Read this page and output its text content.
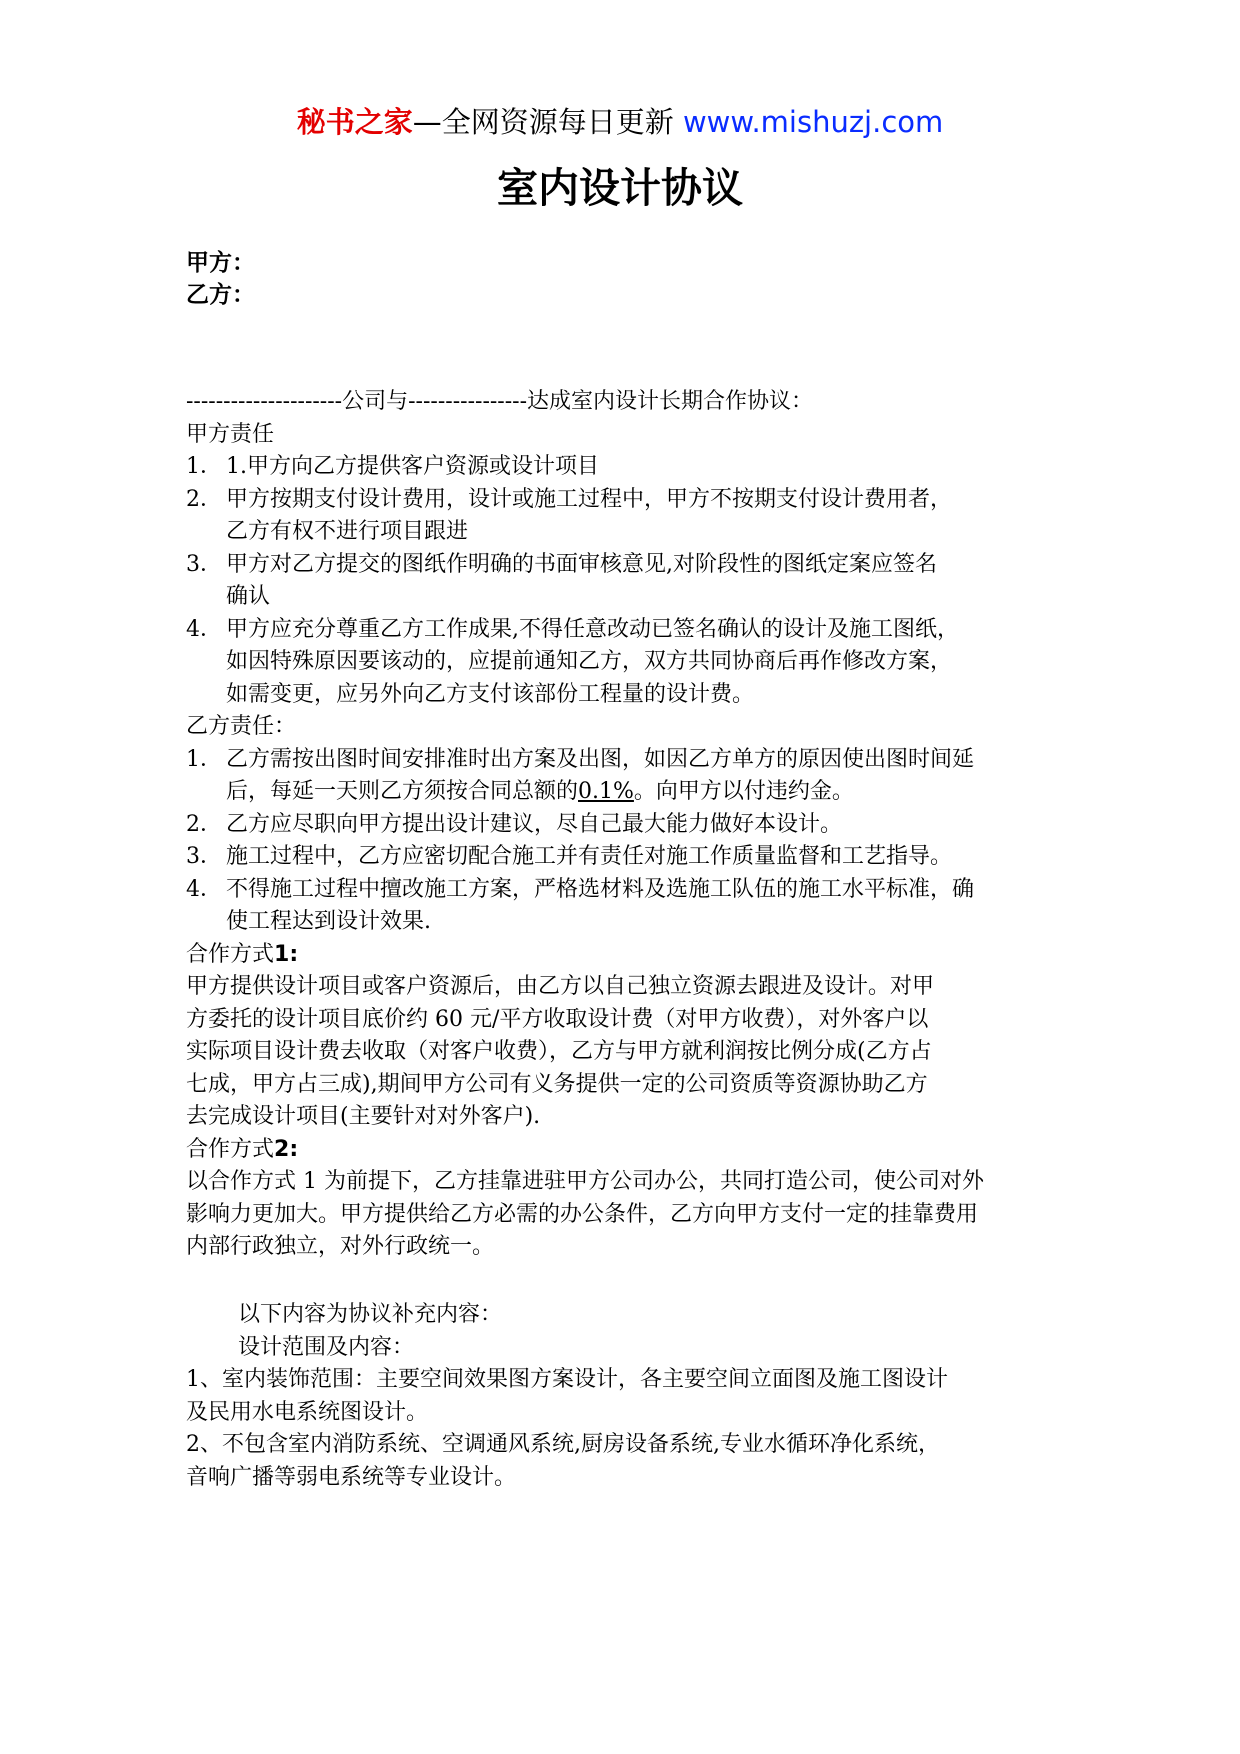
秘书之家—全网资源每日更新 www.mishuzj.com
室内设计协议
甲方：
乙方：

---------------------公司与----------------达成室内设计长期合作协议：

甲方责任

1． 1.甲方向乙方提供客户资源或设计项目

2． 甲方按期支付设计费用，设计或施工过程中，甲方不按期支付设计费用者，

乙方有权不进行项目跟进

3． 甲方对乙方提交的图纸作明确的书面审核意见,对阶段性的图纸定案应签名

确认

4． 甲方应充分尊重乙方工作成果,不得任意改动已签名确认的设计及施工图纸，

如因特殊原因要该动的，应提前通知乙方，双方共同协商后再作修改方案，

如需变更，应另外向乙方支付该部份工程量的设计费。

乙方责任：

1． 乙方需按出图时间安排准时出方案及出图，如因乙方单方的原因使出图时间延

后，每延一天则乙方须按合同总额的0.1%。向甲方以付违约金。

2． 乙方应尽职向甲方提出设计建议，尽自己最大能力做好本设计。

3． 施工过程中，乙方应密切配合施工并有责任对施工作质量监督和工艺指导。

4． 不得施工过程中擅改施工方案，严格选材料及选施工队伍的施工水平标准，确

使工程达到设计效果.

合作方式1:

甲方提供设计项目或客户资源后，由乙方以自己独立资源去跟进及设计。对甲

方委托的设计项目底价约 60 元/平方收取设计费（对甲方收费），对外客户以

实际项目设计费去收取（对客户收费），乙方与甲方就利润按比例分成(乙方占

七成，甲方占三成),期间甲方公司有义务提供一定的公司资质等资源协助乙方

去完成设计项目(主要针对对外客户).

合作方式2:

以合作方式 1 为前提下，乙方挂靠进驻甲方公司办公，共同打造公司，使公司对外

影响力更加大。甲方提供给乙方必需的办公条件，乙方向甲方支付一定的挂靠费用

内部行政独立，对外行政统一。

以下内容为协议补充内容：

设计范围及内容：

1、室内装饰范围：主要空间效果图方案设计，各主要空间立面图及施工图设计

及民用水电系统图设计。

2、不包含室内消防系统、空调通风系统,厨房设备系统,专业水循环净化系统，

音响广播等弱电系统等专业设计。
